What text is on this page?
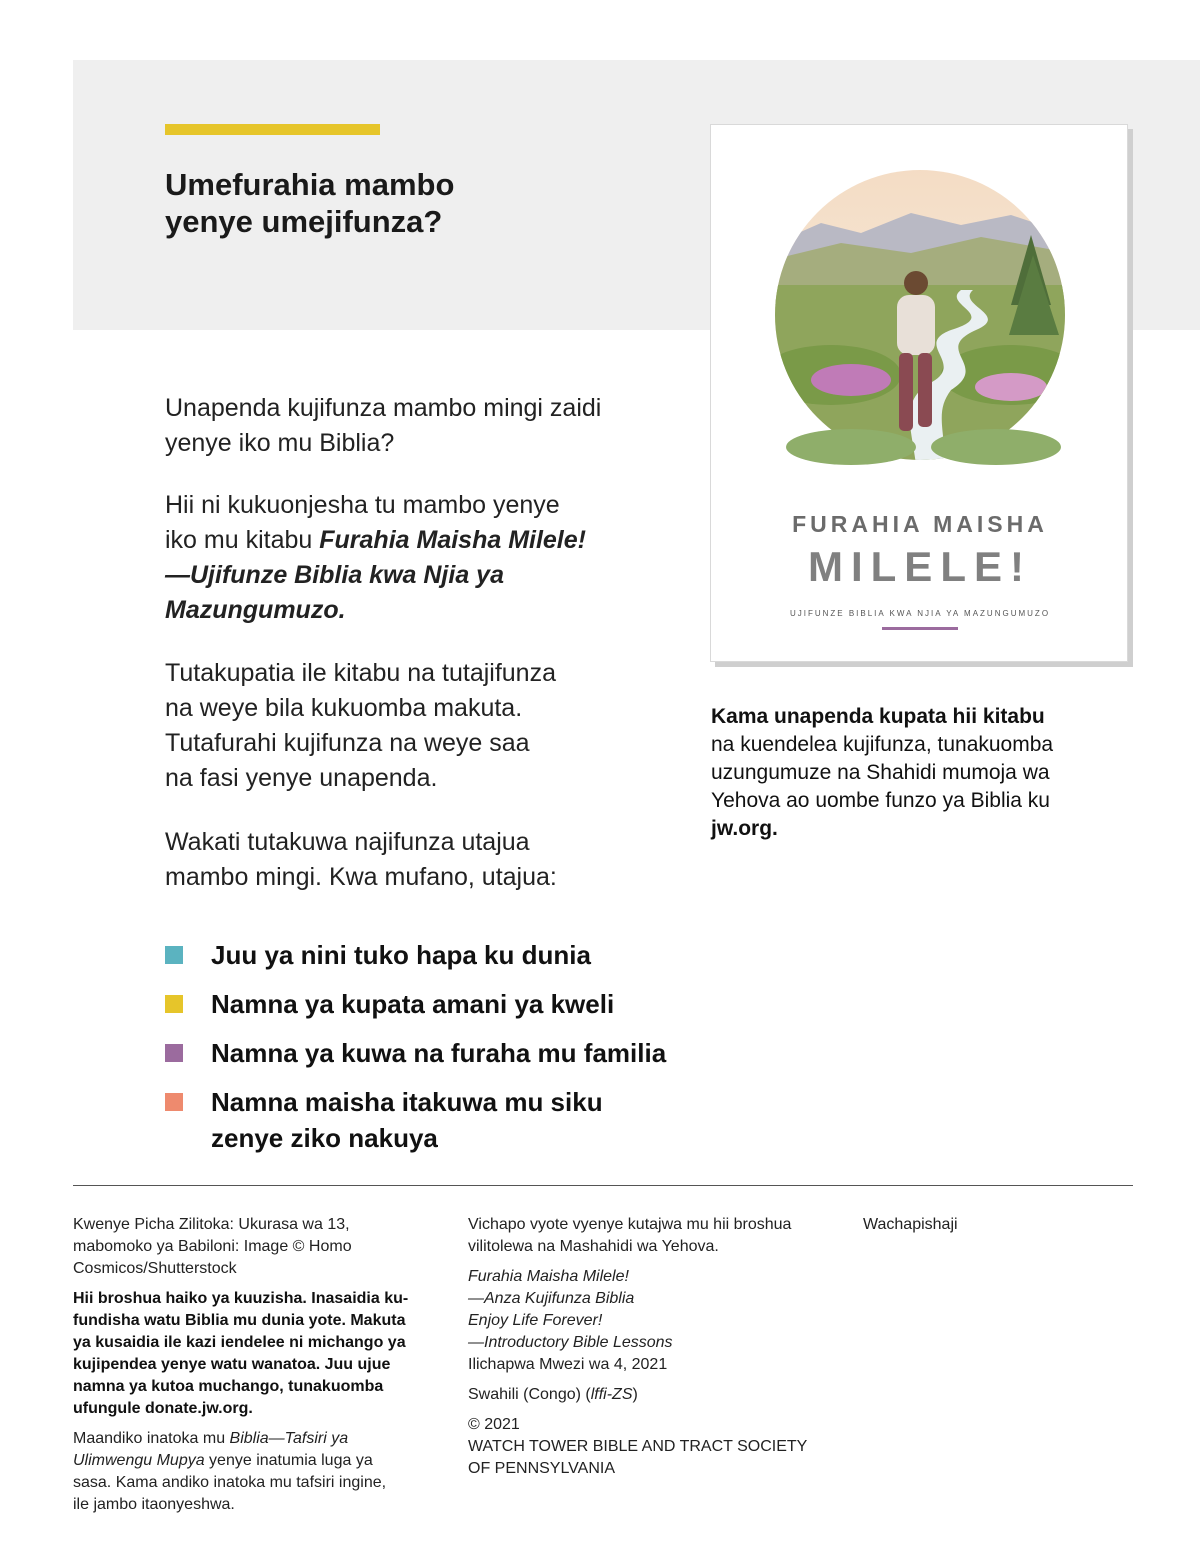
Umefurahia mambo
yenye umejifunza?
FURAHIA MAISHA
MILELE!
UJIFUNZE BIBLIA KWA NJIA YA MAZUNGUMUZO
Unapenda kujifunza mambo mingi zaidi
yenye iko mu Biblia?
Hii ni kukuonjesha tu mambo yenye
iko mu kitabu Furahia Maisha Milele!
—Ujifunze Biblia kwa Njia ya
Mazungumuzo.
Tutakupatia ile kitabu na tutajifunza
na weye bila kukuomba makuta.
Tutafurahi kujifunza na weye saa
na fasi yenye unapenda.
Wakati tutakuwa najifunza utajua
mambo mingi. Kwa mufano, utajua:
Juu ya nini tuko hapa ku dunia
Namna ya kupata amani ya kweli
Namna ya kuwa na furaha mu familia
Namna maisha itakuwa mu siku
zenye ziko nakuya
Kama unapenda kupata hii kitabu
na kuendelea kujifunza, tunakuomba
uzungumuze na Shahidi mumoja wa
Yehova ao uombe funzo ya Biblia ku
jw.org.

Kwenye Picha Zilitoka: Ukurasa wa 13,
mabomoko ya Babiloni: Image © Homo
Cosmicos/Shutterstock

Hii broshua haiko ya kuuzisha. Inasaidia ku-
fundisha watu Biblia mu dunia yote. Makuta
ya kusaidia ile kazi iendelee ni michango ya
kujipendea yenye watu wanatoa. Juu ujue
namna ya kutoa muchango, tunakuomba
ufungule donate.jw.org.

Maandiko inatoka mu Biblia—Tafsiri ya
Ulimwengu Mupya yenye inatumia luga ya
sasa. Kama andiko inatoka mu tafsiri ingine,
ile jambo itaonyeshwa.

Vichapo vyote vyenye kutajwa mu hii broshua
vilitolewa na Mashahidi wa Yehova.

Furahia Maisha Milele!
—Anza Kujifunza Biblia
Enjoy Life Forever!
—Introductory Bible Lessons
Ilichapwa Mwezi wa 4, 2021

Swahili (Congo) (lffi-ZS)

© 2021
WATCH TOWER BIBLE AND TRACT SOCIETY
OF PENNSYLVANIA

Wachapishaji
